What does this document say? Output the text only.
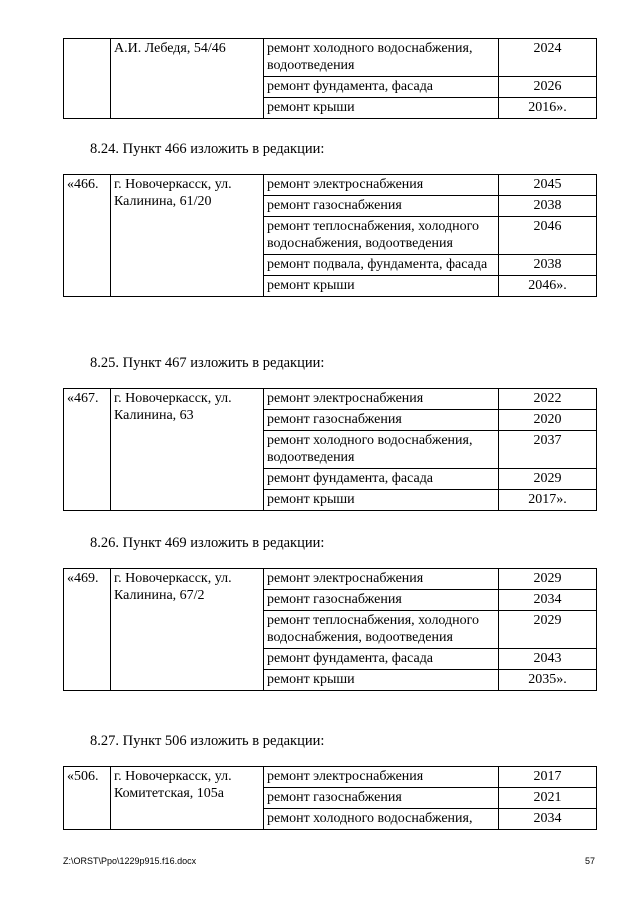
	А.И. Лебедя, 54/46	ремонт холодного водоснабжения, водоотведения	2024
		ремонт фундамента, фасада	2026
		ремонт крыши	2016».
8.24. Пункт 466 изложить в редакции:
«466.	г. Новочеркасск, ул. Калинина, 61/20	ремонт электроснабжения	2045
		ремонт газоснабжения	2038
		ремонт теплоснабжения, холодного водоснабжения, водоотведения	2046
		ремонт подвала, фундамента, фасада	2038
		ремонт крыши	2046».
8.25. Пункт 467 изложить в редакции:
«467.	г. Новочеркасск, ул. Калинина, 63	ремонт электроснабжения	2022
		ремонт газоснабжения	2020
		ремонт холодного водоснабжения, водоотведения	2037
		ремонт фундамента, фасада	2029
		ремонт крыши	2017».
8.26. Пункт 469 изложить в редакции:
«469.	г. Новочеркасск, ул. Калинина, 67/2	ремонт электроснабжения	2029
		ремонт газоснабжения	2034
		ремонт теплоснабжения, холодного водоснабжения, водоотведения	2029
		ремонт фундамента, фасада	2043
		ремонт крыши	2035».
8.27. Пункт 506 изложить в редакции:
«506.	г. Новочеркасск, ул. Комитетская, 105а	ремонт электроснабжения	2017
		ремонт газоснабжения	2021
		ремонт холодного водоснабжения,	2034
Z:\ORST\Ppo\1229p915.f16.docx	57
